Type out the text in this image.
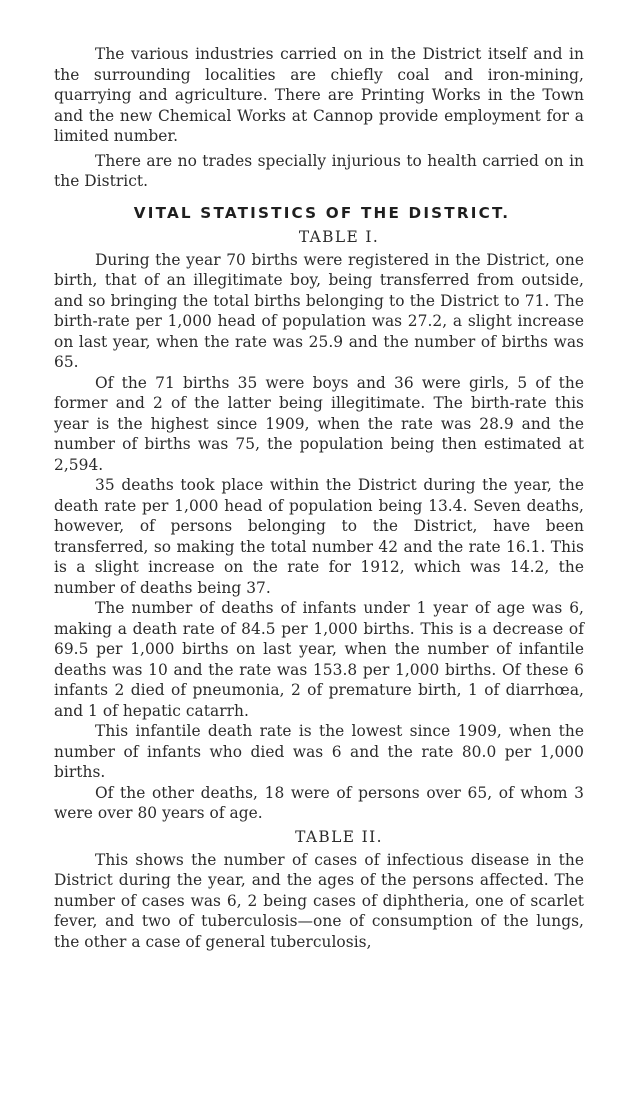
The various industries carried on in the District itself and in the surrounding localities are chiefly coal and iron-mining, quarrying and agriculture. There are Printing Works in the Town and the new Chemical Works at Cannop provide employment for a limited number.

There are no trades specially injurious to health carried on in the District.

VITAL STATISTICS OF THE DISTRICT.
TABLE I.

During the year 70 births were registered in the District, one birth, that of an illegitimate boy, being transferred from outside, and so bringing the total births belonging to the District to 71. The birth-rate per 1,000 head of population was 27.2, a slight increase on last year, when the rate was 25.9 and the number of births was 65.

Of the 71 births 35 were boys and 36 were girls, 5 of the former and 2 of the latter being illegitimate. The birth-rate this year is the highest since 1909, when the rate was 28.9 and the number of births was 75, the population being then estimated at 2,594.

35 deaths took place within the District during the year, the death rate per 1,000 head of population being 13.4. Seven deaths, however, of persons belonging to the District, have been transferred, so making the total number 42 and the rate 16.1. This is a slight increase on the rate for 1912, which was 14.2, the number of deaths being 37.

The number of deaths of infants under 1 year of age was 6, making a death rate of 84.5 per 1,000 births. This is a decrease of 69.5 per 1,000 births on last year, when the number of infantile deaths was 10 and the rate was 153.8 per 1,000 births. Of these 6 infants 2 died of pneumonia, 2 of premature birth, 1 of diarrhœa, and 1 of hepatic catarrh.

This infantile death rate is the lowest since 1909, when the number of infants who died was 6 and the rate 80.0 per 1,000 births.

Of the other deaths, 18 were of persons over 65, of whom 3 were over 80 years of age.

TABLE II.

This shows the number of cases of infectious disease in the District during the year, and the ages of the persons affected. The number of cases was 6, 2 being cases of diphtheria, one of scarlet fever, and two of tuberculosis—one of consumption of the lungs, the other a case of general tuberculosis,
